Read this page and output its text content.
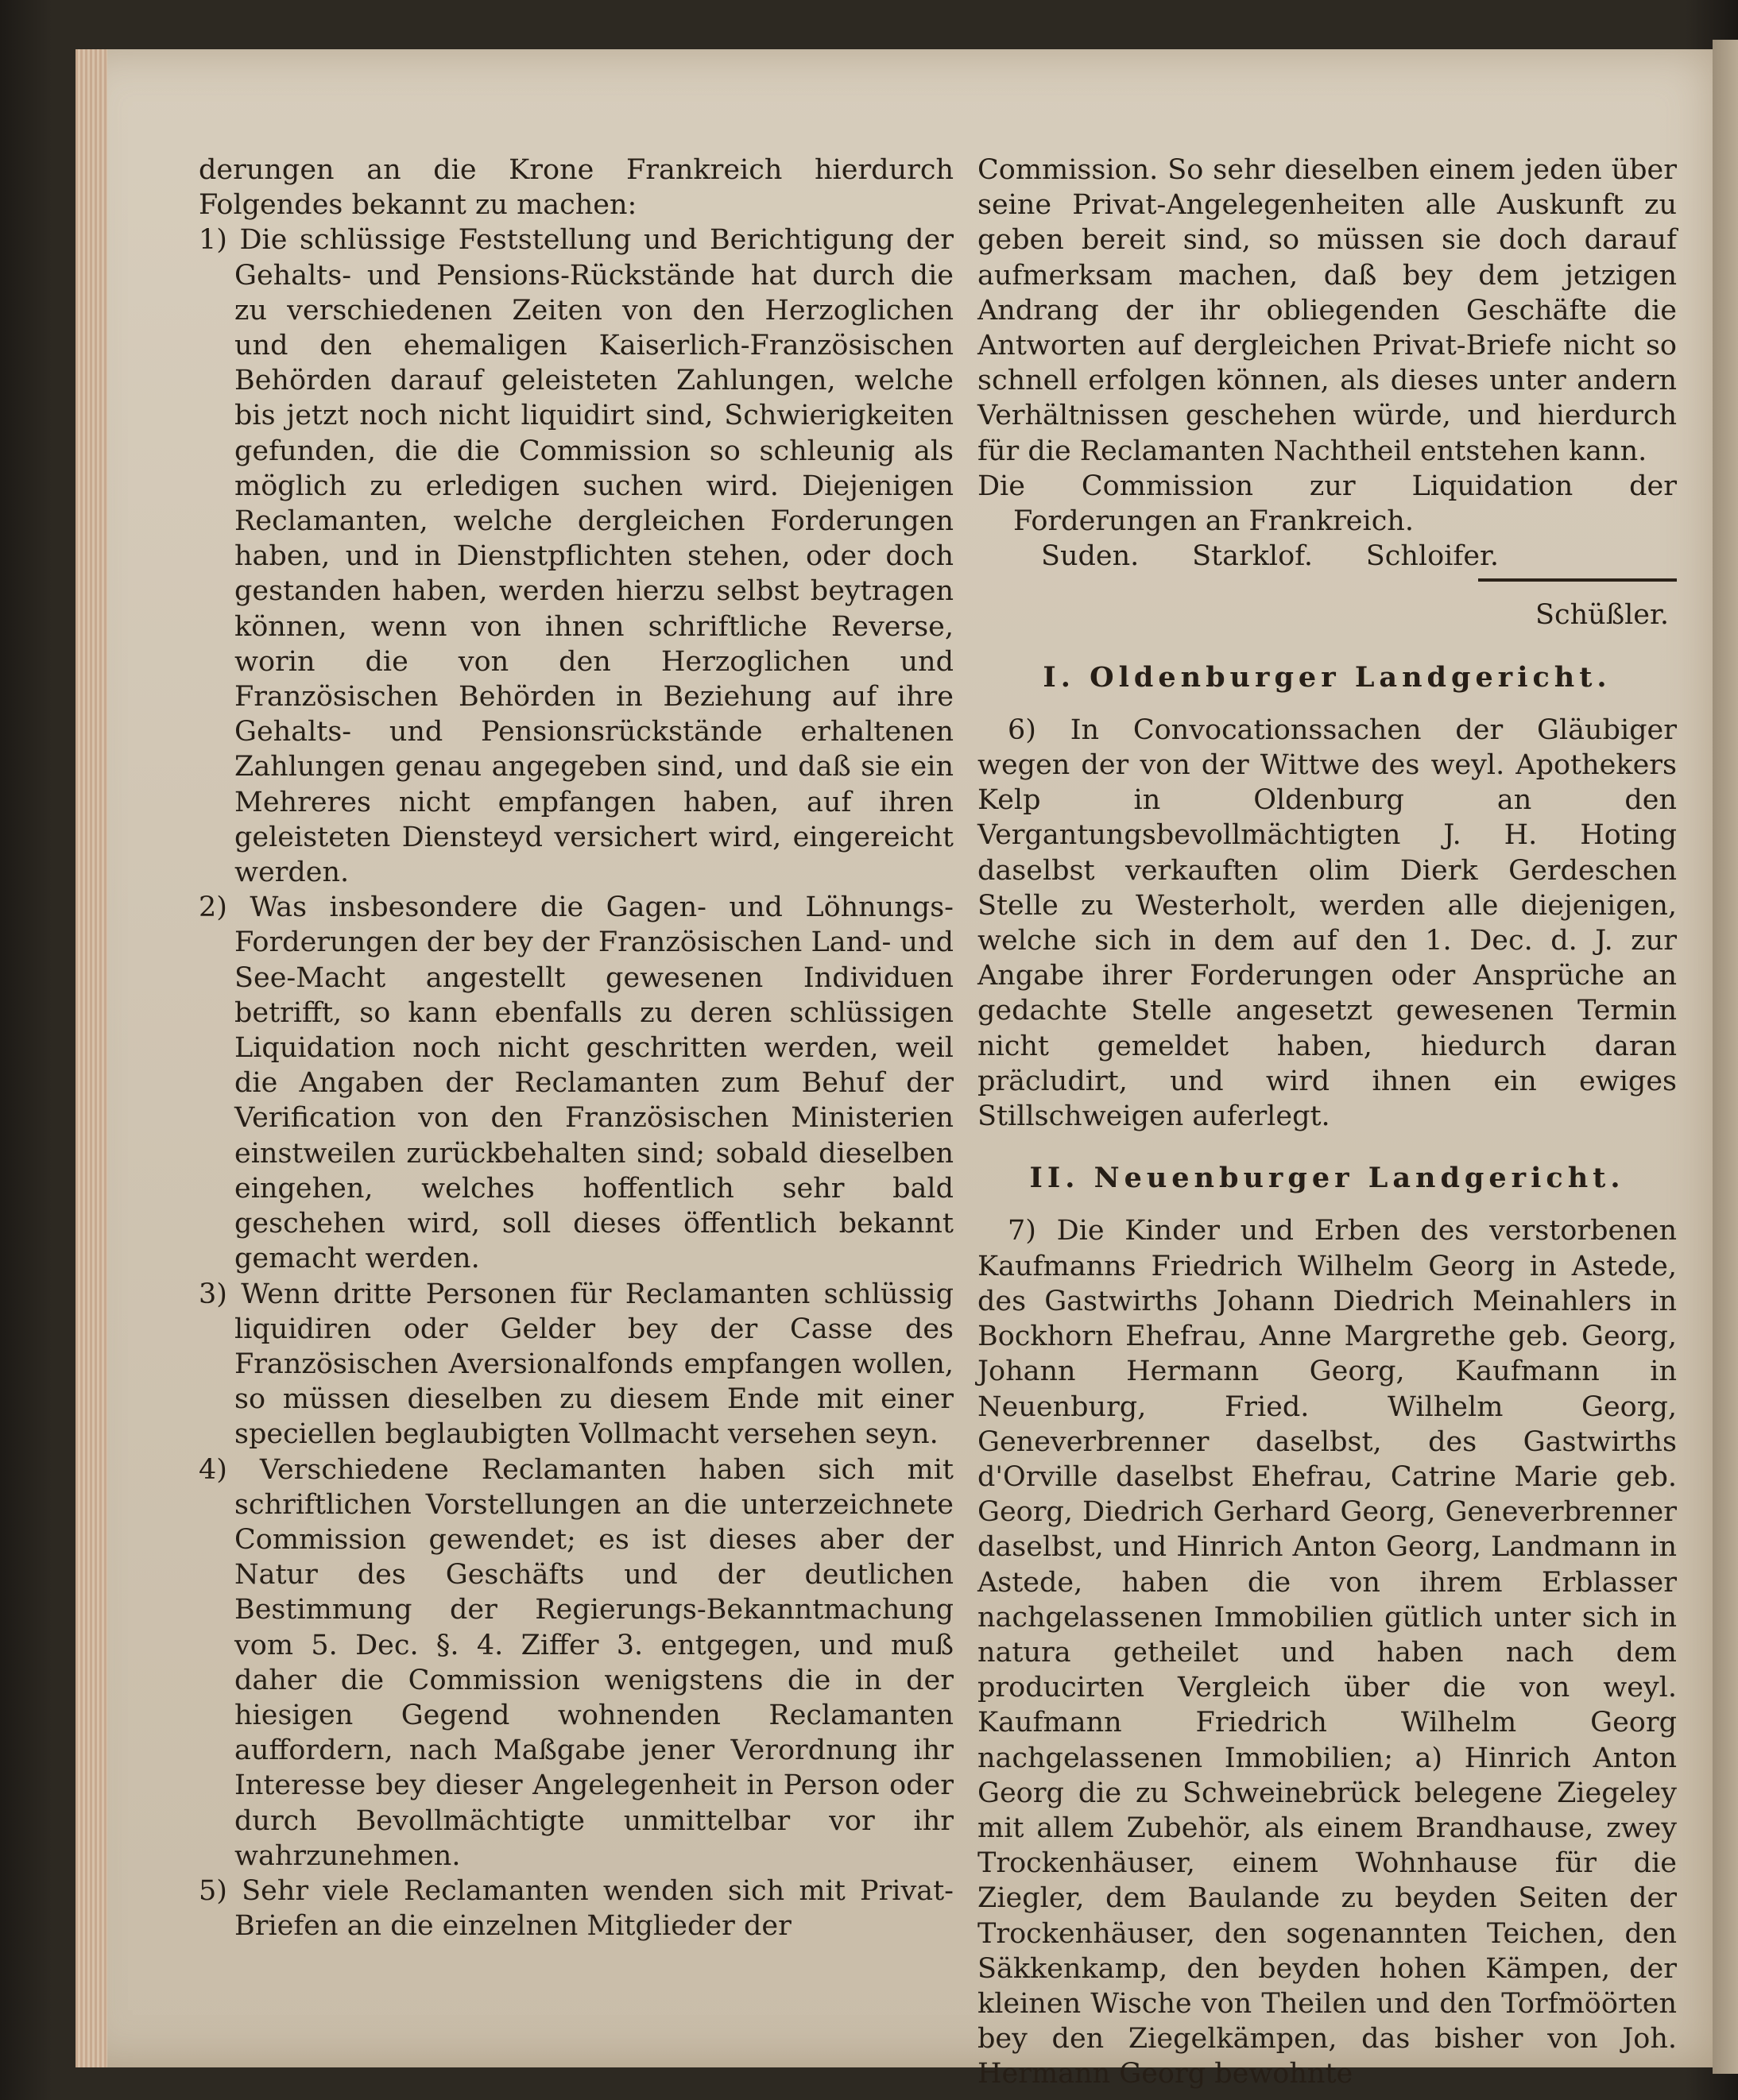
derungen an die Krone Frankreich hierdurch Folgendes bekannt zu machen:

1) Die schlüssige Feststellung und Berichtigung der Gehalts- und Pensions-Rückstände hat durch die zu verschiedenen Zeiten von den Herzoglichen und den ehemaligen Kaiserlich-Französischen Behörden darauf geleisteten Zahlungen, welche bis jetzt noch nicht liquidirt sind, Schwierigkeiten gefunden, die die Commission so schleunig als möglich zu erledigen suchen wird. Diejenigen Reclamanten, welche dergleichen Forderungen haben, und in Dienstpflichten stehen, oder doch gestanden haben, werden hierzu selbst beytragen können, wenn von ihnen schriftliche Reverse, worin die von den Herzoglichen und Französischen Behörden in Beziehung auf ihre Gehalts- und Pensionsrückstände erhaltenen Zahlungen genau angegeben sind, und daß sie ein Mehreres nicht empfangen haben, auf ihren geleisteten Diensteyd versichert wird, eingereicht werden.

2) Was insbesondere die Gagen- und Löhnungs-Forderungen der bey der Französischen Land- und See-Macht angestellt gewesenen Individuen betrifft, so kann ebenfalls zu deren schlüssigen Liquidation noch nicht geschritten werden, weil die Angaben der Reclamanten zum Behuf der Verification von den Französischen Ministerien einstweilen zurückbehalten sind; sobald dieselben eingehen, welches hoffentlich sehr bald geschehen wird, soll dieses öffentlich bekannt gemacht werden.

3) Wenn dritte Personen für Reclamanten schlüssig liquidiren oder Gelder bey der Casse des Französischen Aversionalfonds empfangen wollen, so müssen dieselben zu diesem Ende mit einer speciellen beglaubigten Vollmacht versehen seyn.

4) Verschiedene Reclamanten haben sich mit schriftlichen Vorstellungen an die unterzeichnete Commission gewendet; es ist dieses aber der Natur des Geschäfts und der deutlichen Bestimmung der Regierungs-Bekanntmachung vom 5. Dec. §. 4. Ziffer 3. entgegen, und muß daher die Commission wenigstens die in der hiesigen Gegend wohnenden Reclamanten auffordern, nach Maßgabe jener Verordnung ihr Interesse bey dieser Angelegenheit in Person oder durch Bevollmächtigte unmittelbar vor ihr wahrzunehmen.

5) Sehr viele Reclamanten wenden sich mit Privat-Briefen an die einzelnen Mitglieder der

Commission. So sehr dieselben einem jeden über seine Privat-Angelegenheiten alle Auskunft zu geben bereit sind, so müssen sie doch darauf aufmerksam machen, daß bey dem jetzigen Andrang der ihr obliegenden Geschäfte die Antworten auf dergleichen Privat-Briefe nicht so schnell erfolgen können, als dieses unter andern Verhältnissen geschehen würde, und hierdurch für die Reclamanten Nachtheil entstehen kann.

Die Commission zur Liquidation der Forderungen an Frankreich.

Suden. Starklof. Schloifer.

Schüßler.

I. Oldenburger Landgericht.

6) In Convocationssachen der Gläubiger wegen der von der Wittwe des weyl. Apothekers Kelp in Oldenburg an den Vergantungsbevollmächtigten J. H. Hoting daselbst verkauften olim Dierk Gerdeschen Stelle zu Westerholt, werden alle diejenigen, welche sich in dem auf den 1. Dec. d. J. zur Angabe ihrer Forderungen oder Ansprüche an gedachte Stelle angesetzt gewesenen Termin nicht gemeldet haben, hiedurch daran präcludirt, und wird ihnen ein ewiges Stillschweigen auferlegt.

II. Neuenburger Landgericht.

7) Die Kinder und Erben des verstorbenen Kaufmanns Friedrich Wilhelm Georg in Astede, des Gastwirths Johann Diedrich Meinahlers in Bockhorn Ehefrau, Anne Margrethe geb. Georg, Johann Hermann Georg, Kaufmann in Neuenburg, Fried. Wilhelm Georg, Geneverbrenner daselbst, des Gastwirths d'Orville daselbst Ehefrau, Catrine Marie geb. Georg, Diedrich Gerhard Georg, Geneverbrenner daselbst, und Hinrich Anton Georg, Landmann in Astede, haben die von ihrem Erblasser nachgelassenen Immobilien gütlich unter sich in natura getheilet und haben nach dem producirten Vergleich über die von weyl. Kaufmann Friedrich Wilhelm Georg nachgelassenen Immobilien; a) Hinrich Anton Georg die zu Schweinebrück belegene Ziegeley mit allem Zubehör, als einem Brandhause, zwey Trockenhäuser, einem Wohnhause für die Ziegler, dem Baulande zu beyden Seiten der Trockenhäuser, den sogenannten Teichen, den Säkkenkamp, den beyden hohen Kämpen, der kleinen Wische von Theilen und den Torfmöörten bey den Ziegelkämpen, das bisher von Joh. Hermann Georg bewohnte
